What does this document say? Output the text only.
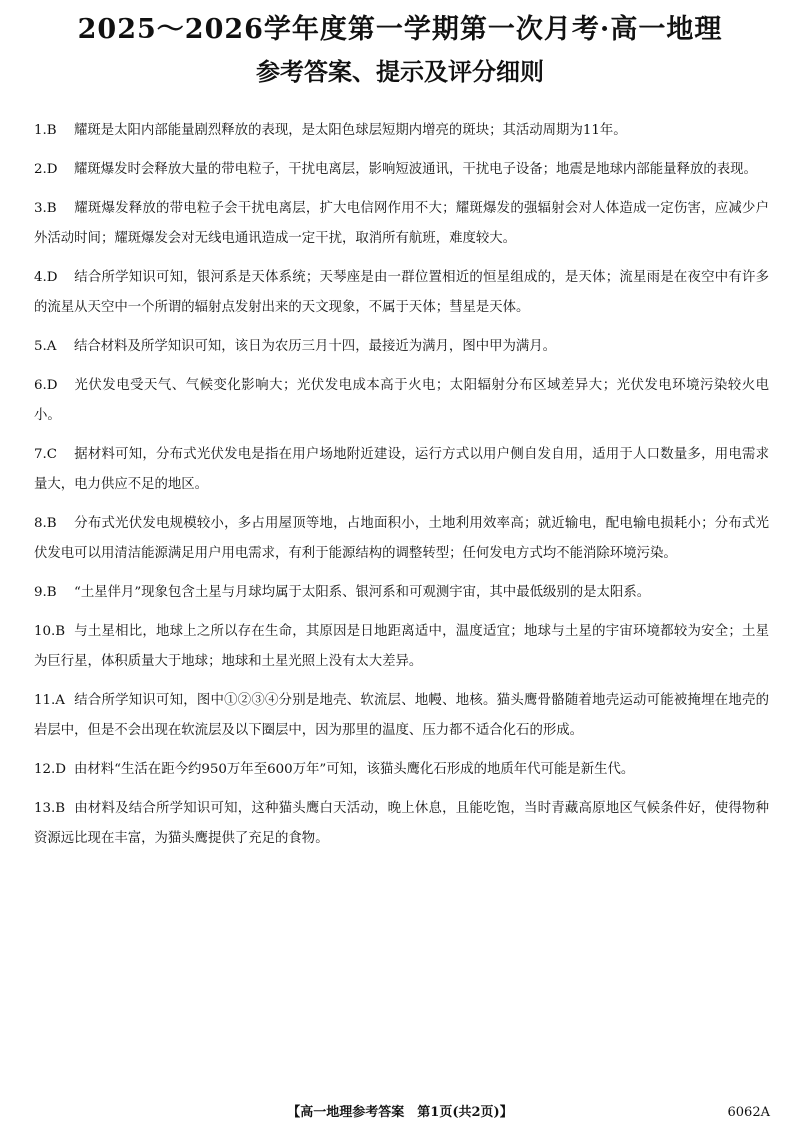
2025～2026学年度第一学期第一次月考·高一地理
参考答案、提示及评分细则
1.B 耀斑是太阳内部能量剧烈释放的表现，是太阳色球层短期内增亮的斑块；其活动周期为11年。
2.D 耀斑爆发时会释放大量的带电粒子，干扰电离层，影响短波通讯，干扰电子设备；地震是地球内部能量释放的表现。
3.B 耀斑爆发释放的带电粒子会干扰电离层，扩大电信网作用不大；耀斑爆发的强辐射会对人体造成一定伤害，应减少户外活动时间；耀斑爆发会对无线电通讯造成一定干扰，取消所有航班，难度较大。
4.D 结合所学知识可知，银河系是天体系统；天琴座是由一群位置相近的恒星组成的，是天体；流星雨是在夜空中有许多的流星从天空中一个所谓的辐射点发射出来的天文现象，不属于天体；彗星是天体。
5.A 结合材料及所学知识可知，该日为农历三月十四，最接近为满月，图中甲为满月。
6.D 光伏发电受天气、气候变化影响大；光伏发电成本高于火电；太阳辐射分布区域差异大；光伏发电环境污染较火电小。
7.C 据材料可知，分布式光伏发电是指在用户场地附近建设，运行方式以用户侧自发自用，适用于人口数量多，用电需求量大，电力供应不足的地区。
8.B 分布式光伏发电规模较小，多占用屋顶等地，占地面积小，土地利用效率高；就近输电，配电输电损耗小；分布式光伏发电可以用清洁能源满足用户用电需求，有利于能源结构的调整转型；任何发电方式均不能消除环境污染。
9.B “土星伴月”现象包含土星与月球均属于太阳系、银河系和可观测宇宙，其中最低级别的是太阳系。
10.B 与土星相比，地球上之所以存在生命，其原因是日地距离适中，温度适宜；地球与土星的宇宙环境都较为安全；土星为巨行星，体积质量大于地球；地球和土星光照上没有太大差异。
11.A 结合所学知识可知，图中①②③④分别是地壳、软流层、地幔、地核。猫头鹰骨骼随着地壳运动可能被掩埋在地壳的岩层中，但是不会出现在软流层及以下圈层中，因为那里的温度、压力都不适合化石的形成。
12.D 由材料“生活在距今约950万年至600万年”可知，该猫头鹰化石形成的地质年代可能是新生代。
13.B 由材料及结合所学知识可知，这种猫头鹰白天活动，晚上休息，且能吃饱，当时青藏高原地区气候条件好，使得物种资源远比现在丰富，为猫头鹰提供了充足的食物。
【高一地理参考答案　第1页(共2页)】	6062A
